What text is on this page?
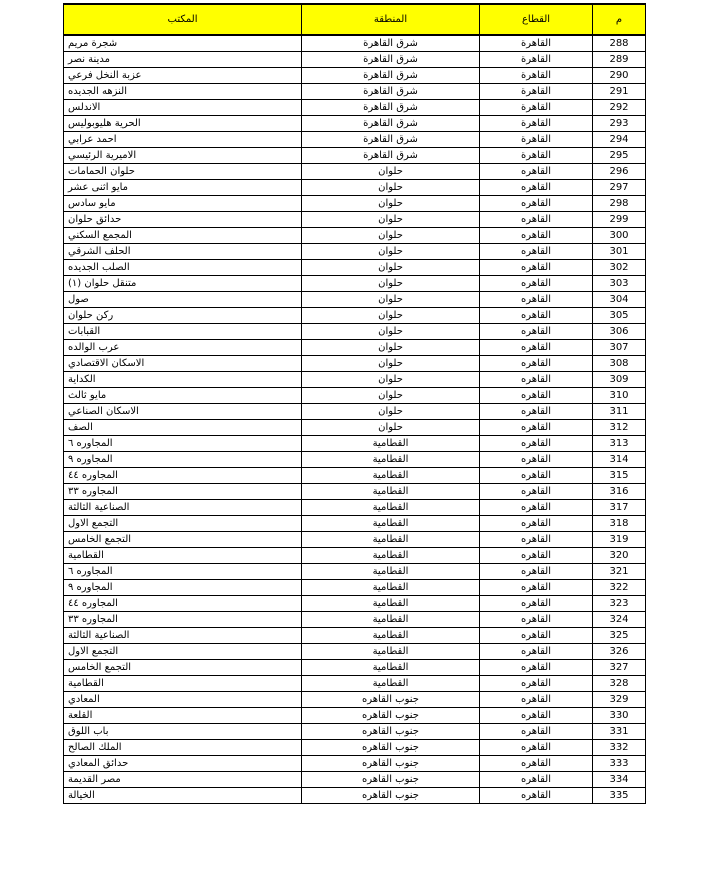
المكتب	المنطقة	القطاع	م
شجرة مريم	شرق القاهرة	القاهرة	288
مدينة نصر	شرق القاهرة	القاهرة	289
عزبة النخل فرعي	شرق القاهرة	القاهرة	290
النزهه الجديده	شرق القاهرة	القاهرة	291
الاندلس	شرق القاهرة	القاهرة	292
الحرية هليوبوليس	شرق القاهرة	القاهرة	293
احمد عرابي	شرق القاهرة	القاهرة	294
الاميرية الرئيسي	شرق القاهرة	القاهرة	295
حلوان الحمامات	حلوان	القاهره	296
مايو اثنى عشر	حلوان	القاهره	297
مايو سادس	حلوان	القاهره	298
حدائق حلوان	حلوان	القاهره	299
المجمع السكني	حلوان	القاهره	300
الحلف الشرقي	حلوان	القاهره	301
الصلب الجديده	حلوان	القاهره	302
متنقل حلوان (١)	حلوان	القاهره	303
صول	حلوان	القاهره	304
ركن حلوان	حلوان	القاهره	305
القبابات	حلوان	القاهره	306
عرب الوالده	حلوان	القاهره	307
الاسكان الاقتصادي	حلوان	القاهره	308
الكداية	حلوان	القاهره	309
مايو ثالث	حلوان	القاهره	310
الاسكان الصناعي	حلوان	القاهره	311
الصف	حلوان	القاهره	312
المجاوره ٦	القطامية	القاهره	313
المجاوره ٩	القطامية	القاهره	314
المجاوره ٤٤	القطامية	القاهره	315
المجاوره ٣٣	القطامية	القاهره	316
الصناعية الثالثة	القطامية	القاهره	317
التجمع الاول	القطامية	القاهره	318
التجمع الخامس	القطامية	القاهره	319
القطامية	القطامية	القاهره	320
المجاوره ٦	القطامية	القاهره	321
المجاوره ٩	القطامية	القاهره	322
المجاوره ٤٤	القطامية	القاهره	323
المجاوره ٣٣	القطامية	القاهره	324
الصناعية الثالثة	القطامية	القاهره	325
التجمع الاول	القطامية	القاهره	326
التجمع الخامس	القطامية	القاهره	327
القطامية	القطامية	القاهره	328
المعادي	جنوب القاهره	القاهره	329
القلعة	جنوب القاهره	القاهره	330
باب اللوق	جنوب القاهره	القاهره	331
الملك الصالح	جنوب القاهره	القاهره	332
حدائق المعادي	جنوب القاهره	القاهره	333
مصر القديمة	جنوب القاهره	القاهره	334
الخيالة	جنوب القاهره	القاهره	335
